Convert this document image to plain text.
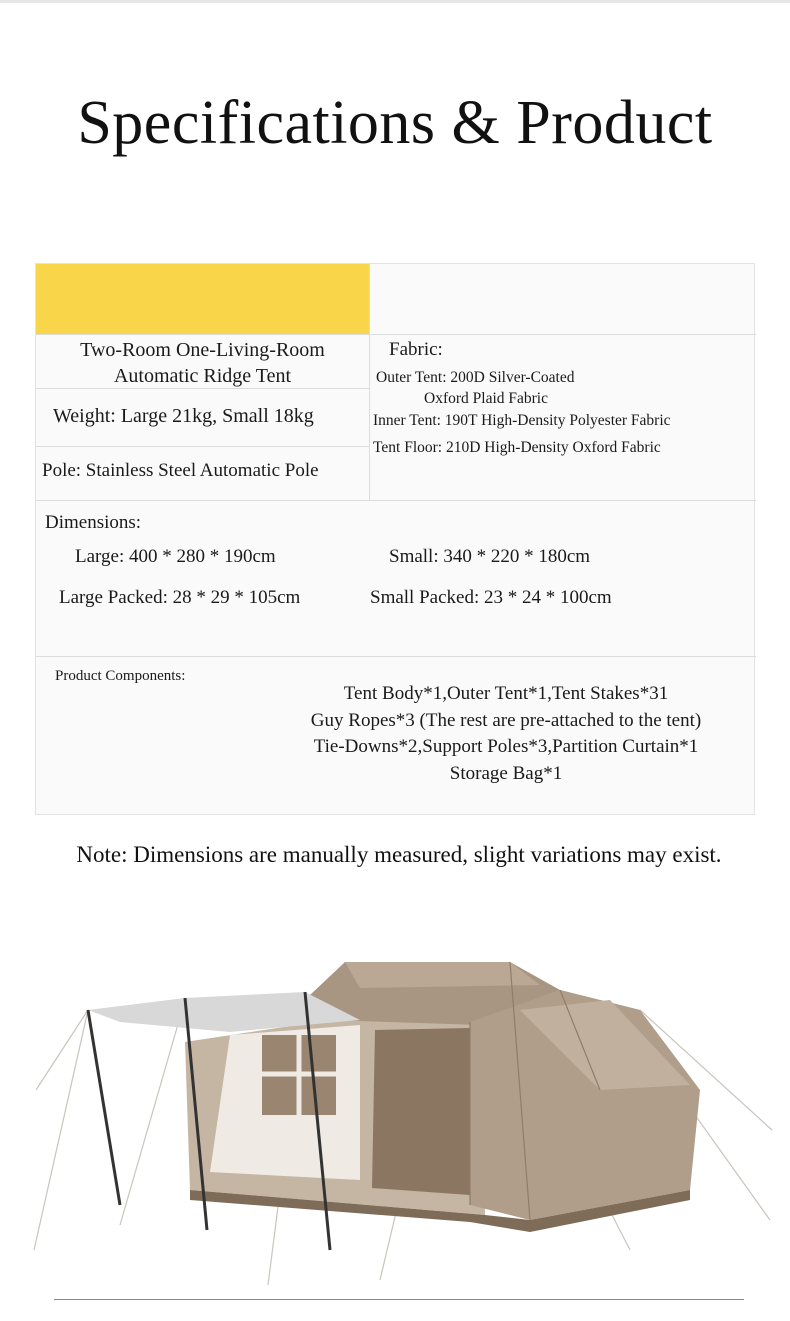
Specifications & Product
Two-Room One-Living-Room
Automatic Ridge Tent
Weight: Large 21kg, Small 18kg
Pole: Stainless Steel Automatic Pole
Fabric:
Outer Tent: 200D Silver-Coated
Oxford Plaid Fabric
Inner Tent: 190T High-Density Polyester Fabric
Tent Floor: 210D High-Density Oxford Fabric
Dimensions:
Large: 400 * 280 * 190cm	Small: 340 * 220 * 180cm
Large Packed: 28 * 29 * 105cm	Small Packed: 23 * 24 * 100cm
Product Components:
Tent Body*1,Outer Tent*1,Tent Stakes*31
Guy Ropes*3 (The rest are pre-attached to the tent)
Tie-Downs*2,Support Poles*3,Partition Curtain*1
Storage Bag*1
Note: Dimensions are manually measured, slight variations may exist.
